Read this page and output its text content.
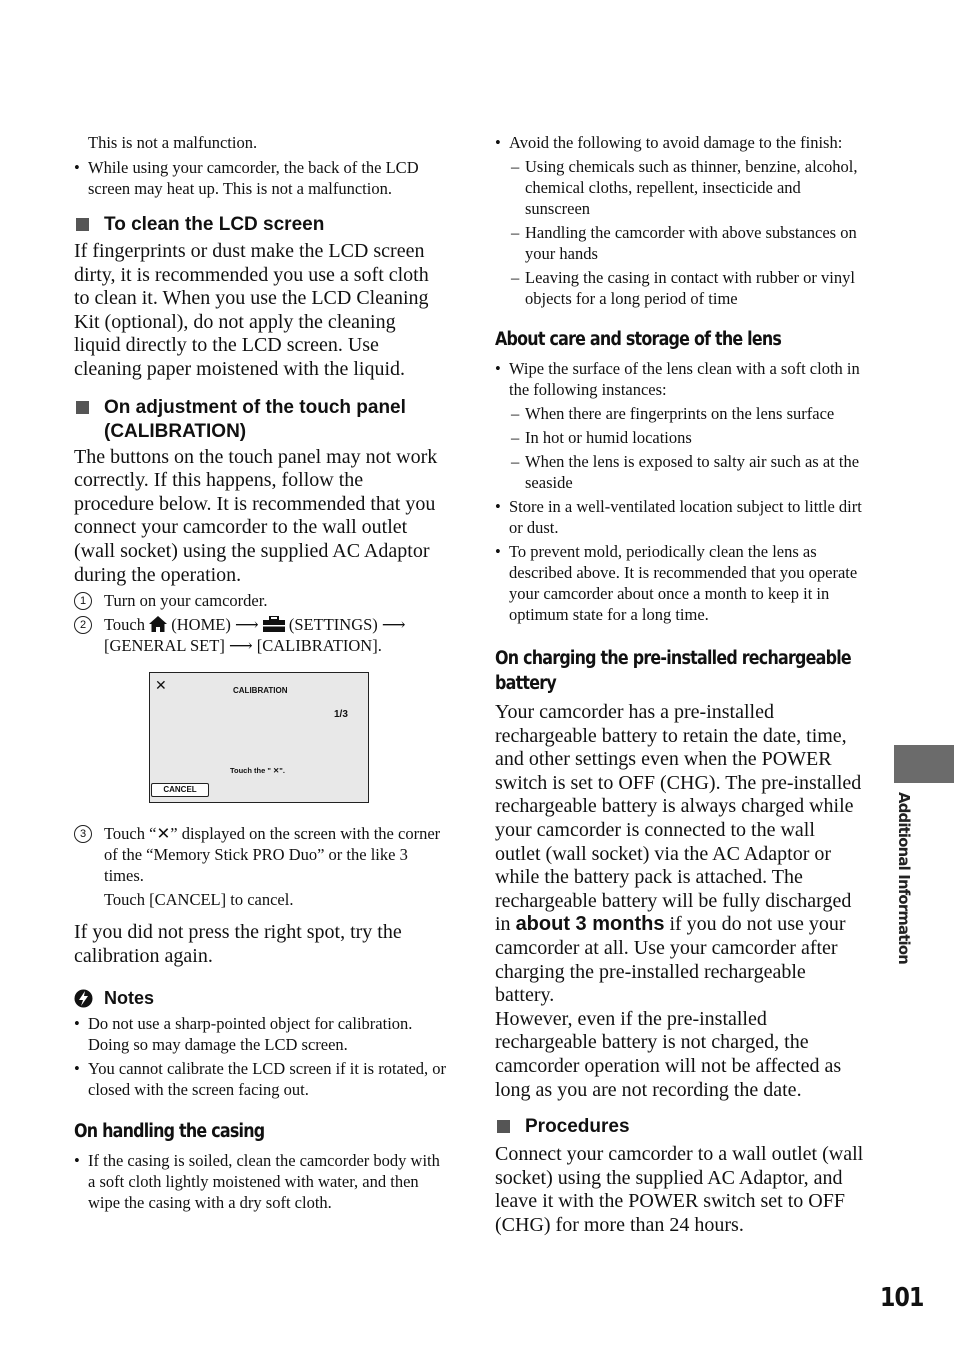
This is not a malfunction.

• While using your camcorder, the back of the LCD screen may heat up. This is not a malfunction.

To clean the LCD screen

If fingerprints or dust make the LCD screen dirty, it is recommended you use a soft cloth to clean it. When you use the LCD Cleaning Kit (optional), do not apply the cleaning liquid directly to the LCD screen. Use cleaning paper moistened with the liquid.

On adjustment of the touch panel (CALIBRATION)

The buttons on the touch panel may not work correctly. If this happens, follow the procedure below. It is recommended that you connect your camcorder to the wall outlet (wall socket) using the supplied AC Adaptor during the operation.

1	Turn on your camcorder.
2	Touch (HOME) ⟶ (SETTINGS) ⟶ [GENERAL SET] ⟶ [CALIBRATION].
✕	CALIBRATION
1/3
Touch the " ✕".
CANCEL
3	Touch “✕” displayed on the screen with the corner of the “Memory Stick PRO Duo” or the like 3 times.

Touch [CANCEL] to cancel.

If you did not press the right spot, try the calibration again.

Notes

• Do not use a sharp-pointed object for calibration. Doing so may damage the LCD screen.

• You cannot calibrate the LCD screen if it is rotated, or closed with the screen facing out.

On handling the casing

• If the casing is soiled, clean the camcorder body with a soft cloth lightly moistened with water, and then wipe the casing with a dry soft cloth.

• Avoid the following to avoid damage to the finish:

– Using chemicals such as thinner, benzine, alcohol, chemical cloths, repellent, insecticide and sunscreen

– Handling the camcorder with above substances on your hands

– Leaving the casing in contact with rubber or vinyl objects for a long period of time

About care and storage of the lens

• Wipe the surface of the lens clean with a soft cloth in the following instances:

– When there are fingerprints on the lens surface

– In hot or humid locations

– When the lens is exposed to salty air such as at the seaside

• Store in a well-ventilated location subject to little dirt or dust.

• To prevent mold, periodically clean the lens as described above. It is recommended that you operate your camcorder about once a month to keep it in optimum state for a long time.

On charging the pre-installed rechargeable battery

Your camcorder has a pre-installed rechargeable battery to retain the date, time, and other settings even when the POWER switch is set to OFF (CHG). The pre-installed rechargeable battery is always charged while your camcorder is connected to the wall outlet (wall socket) via the AC Adaptor or while the battery pack is attached. The rechargeable battery will be fully discharged in about 3 months if you do not use your camcorder at all. Use your camcorder after charging the pre-installed rechargeable battery.

However, even if the pre-installed rechargeable battery is not charged, the camcorder operation will not be affected as long as you are not recording the date.

Procedures

Connect your camcorder to a wall outlet (wall socket) using the supplied AC Adaptor, and leave it with the POWER switch set to OFF (CHG) for more than 24 hours.

Additional Information
101
